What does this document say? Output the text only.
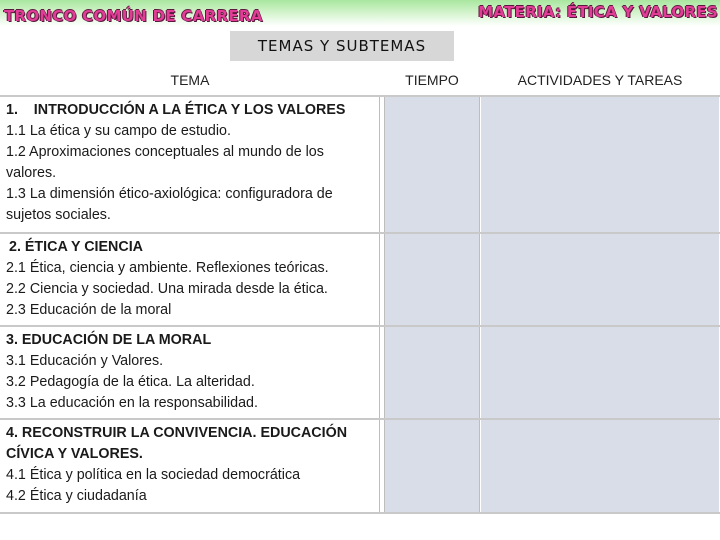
TRONCO COMÚN DE CARRERA	MATERIA: ÉTICA Y VALORES
TEMAS Y SUBTEMAS
TEMA	TIEMPO	ACTIVIDADES Y TAREAS
1.    INTRODUCCIÓN A LA ÉTICA Y LOS VALORES
1.1 La ética y su campo de estudio.
1.2 Aproximaciones conceptuales al mundo de los valores.
1.3 La dimensión ético-axiológica: configuradora de sujetos sociales.
2. ÉTICA Y CIENCIA
2.1 Ética, ciencia y ambiente. Reflexiones teóricas.
2.2 Ciencia y sociedad. Una mirada desde la ética.
2.3 Educación de la moral
3. EDUCACIÓN DE LA MORAL
3.1 Educación y Valores.
3.2 Pedagogía de la ética. La alteridad.
3.3 La educación en la responsabilidad.
4. RECONSTRUIR LA CONVIVENCIA. EDUCACIÓN CÍVICA Y VALORES.
4.1 Ética y política en la sociedad democrática
4.2 Ética y ciudadanía
